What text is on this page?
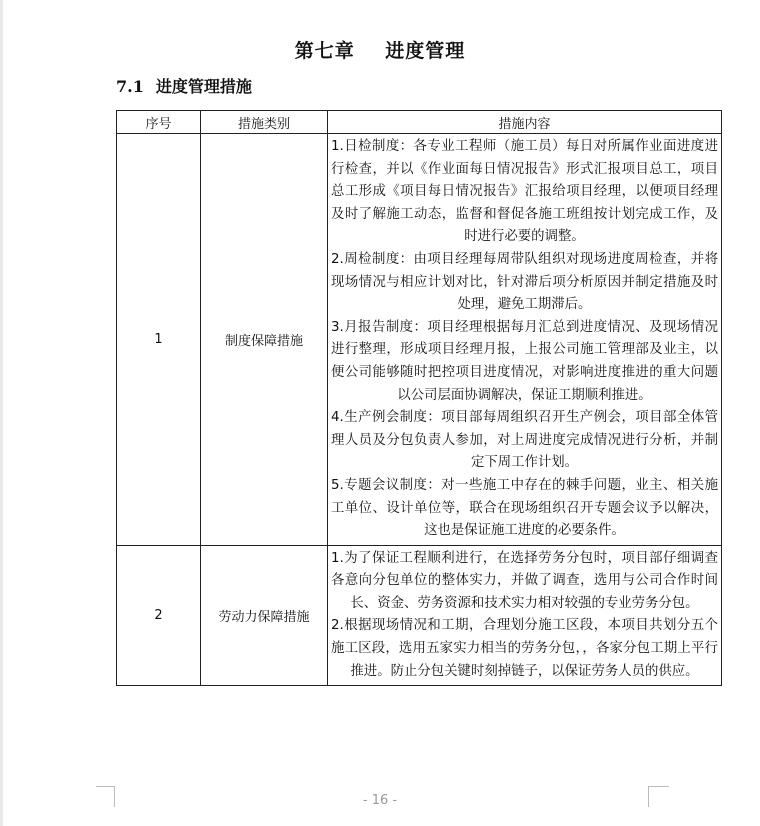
第七章    进度管理
7.1 进度管理措施
序号	措施类别	措施内容
1	制度保障措施	1.日检制度：各专业工程师（施工员）每日对所属作业面进度进行检查，并以《作业面每日情况报告》形式汇报项目总工，项目总工形成《项目每日情况报告》汇报给项目经理，以便项目经理及时了解施工动态，监督和督促各施工班组按计划完成工作，及时进行必要的调整。
2.周检制度：由项目经理每周带队组织对现场进度周检查，并将现场情况与相应计划对比，针对滞后项分析原因并制定措施及时处理，避免工期滞后。
3.月报告制度：项目经理根据每月汇总到进度情况、及现场情况进行整理，形成项目经理月报，上报公司施工管理部及业主，以便公司能够随时把控项目进度情况，对影响进度推进的重大问题以公司层面协调解决，保证工期顺利推进。
4.生产例会制度：项目部每周组织召开生产例会，项目部全体管理人员及分包负责人参加，对上周进度完成情况进行分析，并制定下周工作计划。
5.专题会议制度：对一些施工中存在的棘手问题，业主、相关施工单位、设计单位等，联合在现场组织召开专题会议予以解决，这也是保证施工进度的必要条件。

2	劳动力保障措施	1.为了保证工程顺利进行，在选择劳务分包时，项目部仔细调查各意向分包单位的整体实力，并做了调查，选用与公司合作时间长、资金、劳务资源和技术实力相对较强的专业劳务分包。
2.根据现场情况和工期，合理划分施工区段，本项目共划分五个施工区段，选用五家实力相当的劳务分包，，各家分包工期上平行推进。防止分包关键时刻掉链子，以保证劳务人员的供应。
- 16 -
